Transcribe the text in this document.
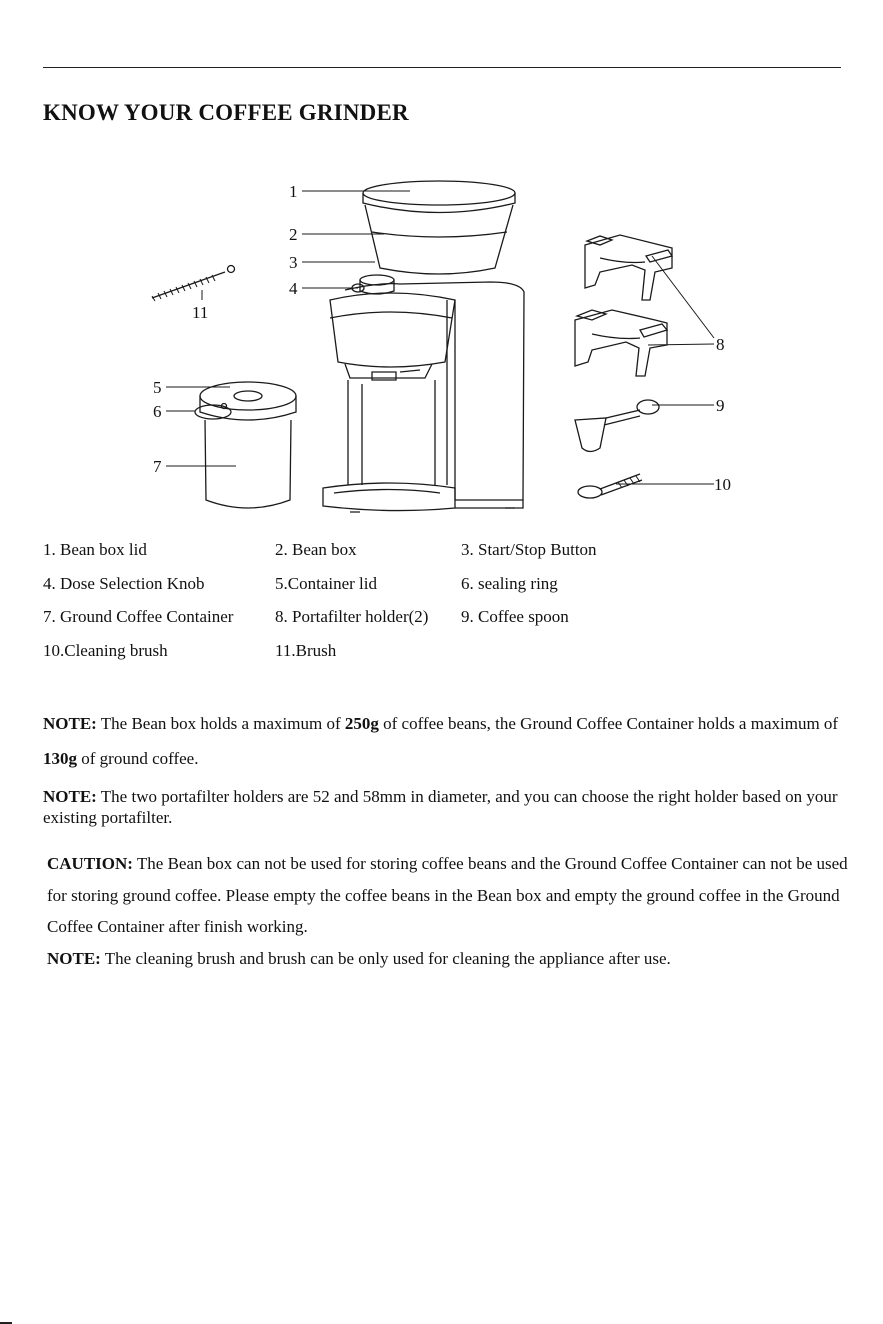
KNOW YOUR COFFEE GRINDER
1
2
3
4
5
6
7
8
9
10
11
1. Bean box lid	2. Bean box	3. Start/Stop Button
4. Dose Selection Knob	5.Container lid	6. sealing ring
7. Ground Coffee Container 8. Portafilter holder(2) 9. Coffee spoon
10.Cleaning brush	11.Brush

NOTE: The Bean box holds a maximum of 250g of coffee beans, the Ground Coffee Container holds a maximum of 130g of ground coffee.

NOTE: The two portafilter holders are 52 and 58mm in diameter, and you can choose the right holder based on your existing portafilter.

CAUTION: The Bean box can not be used for storing coffee beans and the Ground Coffee Container can not be used for storing ground coffee. Please empty the coffee beans in the Bean box and empty the ground coffee in the Ground Coffee Container after finish working.

NOTE: The cleaning brush and brush can be only used for cleaning the appliance after use.
